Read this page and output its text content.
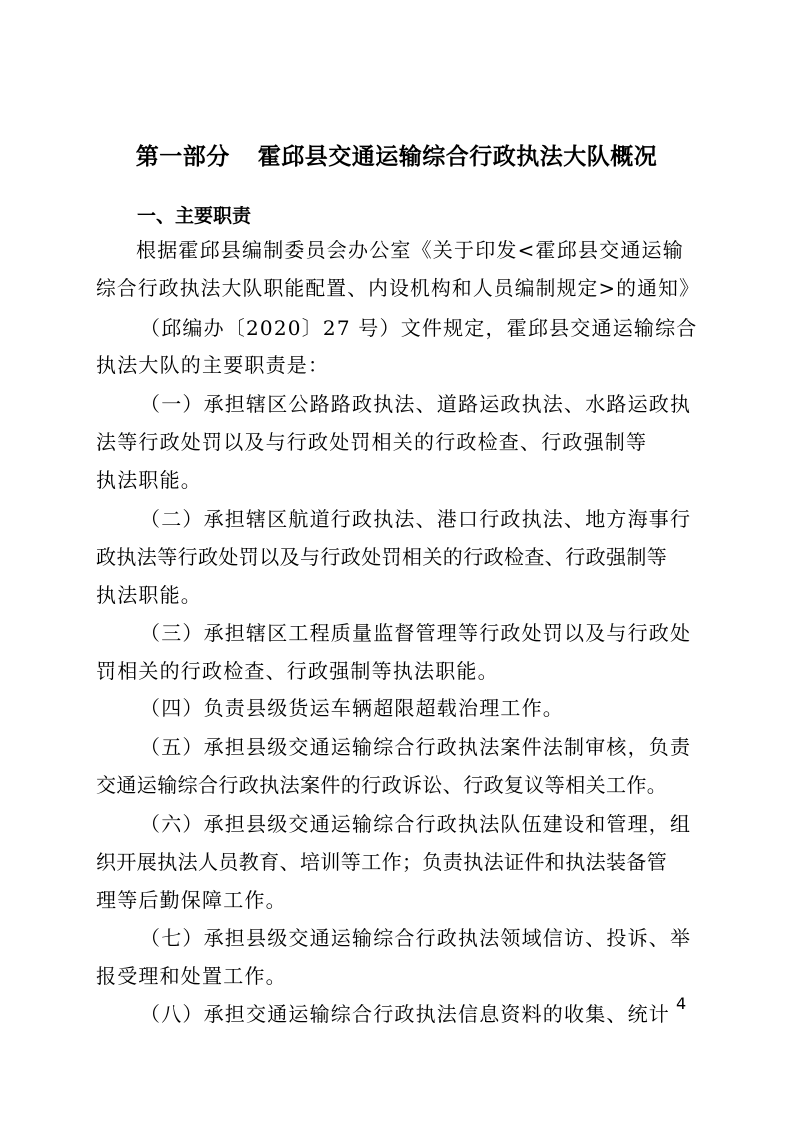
第一部分 霍邱县交通运输综合行政执法大队概况
一、主要职责
根据霍邱县编制委员会办公室《关于印发<霍邱县交通运输
综合行政执法大队职能配置、内设机构和人员编制规定>的通知》
（邱编办〔2020〕27 号）文件规定，霍邱县交通运输综合
执法大队的主要职责是：
（一）承担辖区公路路政执法、道路运政执法、水路运政执
法等行政处罚以及与行政处罚相关的行政检查、行政强制等
执法职能。
（二）承担辖区航道行政执法、港口行政执法、地方海事行
政执法等行政处罚以及与行政处罚相关的行政检查、行政强制等
执法职能。
（三）承担辖区工程质量监督管理等行政处罚以及与行政处
罚相关的行政检查、行政强制等执法职能。
（四）负责县级货运车辆超限超载治理工作。
（五）承担县级交通运输综合行政执法案件法制审核，负责
交通运输综合行政执法案件的行政诉讼、行政复议等相关工作。
（六）承担县级交通运输综合行政执法队伍建设和管理，组
织开展执法人员教育、培训等工作；负责执法证件和执法装备管
理等后勤保障工作。
（七）承担县级交通运输综合行政执法领域信访、投诉、举
报受理和处置工作。
（八）承担交通运输综合行政执法信息资料的收集、统计 4
